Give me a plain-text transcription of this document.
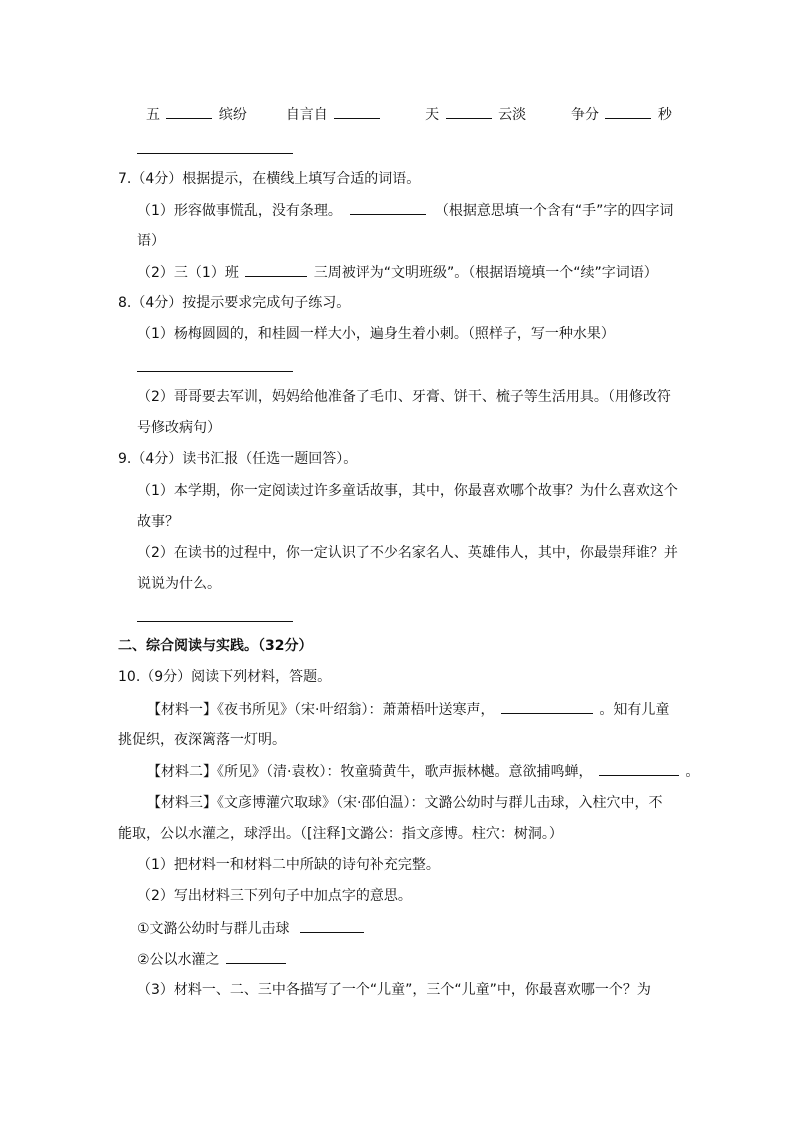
五	缤纷	自言自	天	云淡	争分	秒
7.（4分）根据提示，在横线上填写合适的词语。
（1）形容做事慌乱，没有条理。	（根据意思填一个含有“手”字的四字词
语）
（2）三（1）班	三周被评为“文明班级”。（根据语境填一个“续”字词语）
8.（4分）按提示要求完成句子练习。
（1）杨梅圆圆的，和桂圆一样大小，遍身生着小刺。（照样子，写一种水果）
（2）哥哥要去军训，妈妈给他准备了毛巾、牙膏、饼干、梳子等生活用具。（用修改符
号修改病句）
9.（4分）读书汇报（任选一题回答）。
（1）本学期，你一定阅读过许多童话故事，其中，你最喜欢哪个故事？为什么喜欢这个
故事？
（2）在读书的过程中，你一定认识了不少名家名人、英雄伟人，其中，你最崇拜谁？并
说说为什么。
二、综合阅读与实践。（32分）
10.（9分）阅读下列材料，答题。
【材料一】《夜书所见》（宋·叶绍翁）：萧萧梧叶送寒声，	。知有儿童
挑促织，夜深篱落一灯明。
【材料二】《所见》（清·袁枚）：牧童骑黄牛，歌声振林樾。意欲捕鸣蝉，	。
【材料三】《文彦博灌穴取球》（宋·邵伯温）：文潞公幼时与群儿击球，入柱穴中，不
能取，公以水灌之，球浮出。（[注释]文潞公：指文彦博。柱穴：树洞。）
（1）把材料一和材料二中所缺的诗句补充完整。
（2）写出材料三下列句子中加点字的意思。
①文潞公幼时与群儿击球
②公以水灌之
（3）材料一、二、三中各描写了一个“儿童”，三个“儿童”中，你最喜欢哪一个？为
